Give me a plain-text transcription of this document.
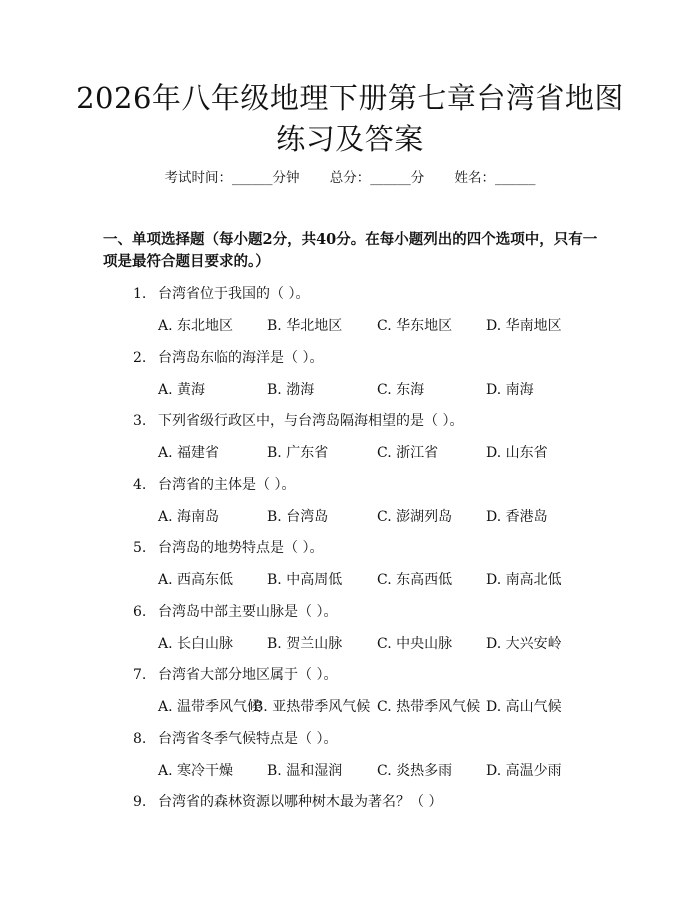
2026年八年级地理下册第七章台湾省地图练习及答案
考试时间：______分钟 总分：______分 姓名：______
一、单项选择题（每小题2分，共40分。在每小题列出的四个选项中，只有一项是最符合题目要求的。）
1. 台湾省位于我国的（ ）。
A. 东北地区 B. 华北地区 C. 华东地区 D. 华南地区
2. 台湾岛东临的海洋是（ ）。
A. 黄海	B. 渤海	C. 东海	D. 南海
3. 下列省级行政区中，与台湾岛隔海相望的是（ ）。
A. 福建省	B. 广东省	C. 浙江省	D. 山东省
4. 台湾省的主体是（ ）。
A. 海南岛	B. 台湾岛	C. 澎湖列岛 D. 香港岛
5. 台湾岛的地势特点是（ ）。
A. 西高东低 B. 中高周低 C. 东高西低 D. 南高北低
6. 台湾岛中部主要山脉是（ ）。
A. 长白山脉 B. 贺兰山脉 C. 中央山脉 D. 大兴安岭
7. 台湾省大部分地区属于（ ）。
A. 温带季风气候
B. 亚热带季风气候 C. 热带季风气候 D. 高山气候
8. 台湾省冬季气候特点是（ ）。
A. 寒冷干燥 B. 温和湿润 C. 炎热多雨 D. 高温少雨
9. 台湾省的森林资源以哪种树木最为著名？（ ）
